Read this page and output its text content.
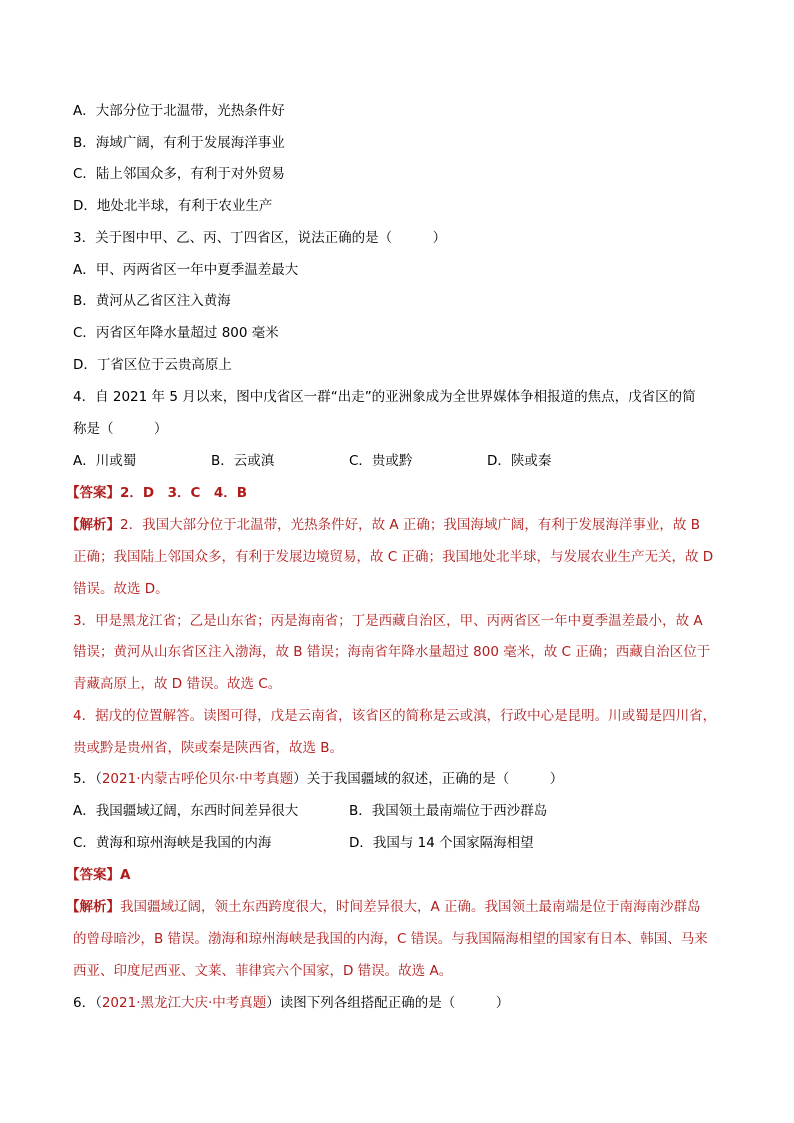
A．大部分位于北温带，光热条件好
B．海域广阔，有利于发展海洋事业
C．陆上邻国众多，有利于对外贸易
D．地处北半球，有利于农业生产
3．关于图中甲、乙、丙、丁四省区，说法正确的是（　　　）
A．甲、丙两省区一年中夏季温差最大
B．黄河从乙省区注入黄海
C．丙省区年降水量超过 800 毫米
D．丁省区位于云贵高原上
4．自 2021 年 5 月以来，图中戊省区一群“出走”的亚洲象成为全世界媒体争相报道的焦点，戊省区的简
称是（　　　）
A．川或蜀	B．云或滇	C．贵或黔	D．陕或秦
【答案】2．D　3．C　4．B
【解析】2．我国大部分位于北温带，光热条件好，故 A 正确；我国海域广阔，有利于发展海洋事业，故 B
正确；我国陆上邻国众多，有利于发展边境贸易，故 C 正确；我国地处北半球，与发展农业生产无关，故 D
错误。故选 D。
3．甲是黑龙江省；乙是山东省；丙是海南省；丁是西藏自治区，甲、丙两省区一年中夏季温差最小，故 A
错误；黄河从山东省区注入渤海，故 B 错误；海南省年降水量超过 800 毫米，故 C 正确；西藏自治区位于
青藏高原上，故 D 错误。故选 C。
4．据戊的位置解答。读图可得，戊是云南省，该省区的简称是云或滇，行政中心是昆明。川或蜀是四川省，
贵或黔是贵州省，陕或秦是陕西省，故选 B。
5．（2021·内蒙古呼伦贝尔·中考真题）关于我国疆域的叙述，正确的是（　　　）
A．我国疆域辽阔，东西时间差异很大	B．我国领土最南端位于西沙群岛
C．黄海和琼州海峡是我国的内海	D．我国与 14 个国家隔海相望
【答案】A
【解析】我国疆域辽阔，领土东西跨度很大，时间差异很大，A 正确。我国领土最南端是位于南海南沙群岛
的曾母暗沙，B 错误。渤海和琼州海峡是我国的内海，C 错误。与我国隔海相望的国家有日本、韩国、马来
西亚、印度尼西亚、文莱、菲律宾六个国家，D 错误。故选 A。
6．（2021·黑龙江大庆·中考真题）读图下列各组搭配正确的是（　　　）
